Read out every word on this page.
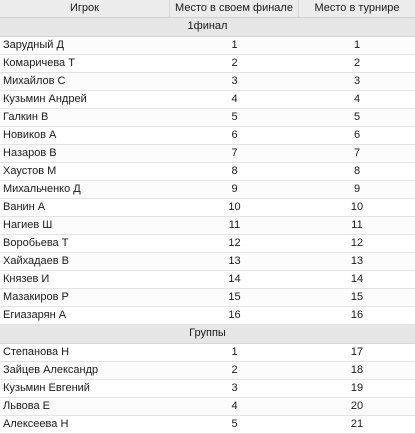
Игрок	Место в своем финале	Место в турнире
1финал
Зарудный Д	1	1
Комаричева Т	2	2
Михайлов С	3	3
Кузьмин Андрей	4	4
Галкин В	5	5
Новиков А	6	6
Назаров В	7	7
Хаустов М	8	8
Михальченко Д	9	9
Ванин А	10	10
Нагиев Ш	11	11
Воробьева Т	12	12
Хайхадаев В	13	13
Князев И	14	14
Мазакиров Р	15	15
Егиазарян А	16	16
Группы
Степанова Н	1	17
Зайцев Александр	2	18
Кузьмин Евгений	3	19
Львова Е	4	20
Алексеева Н	5	21
